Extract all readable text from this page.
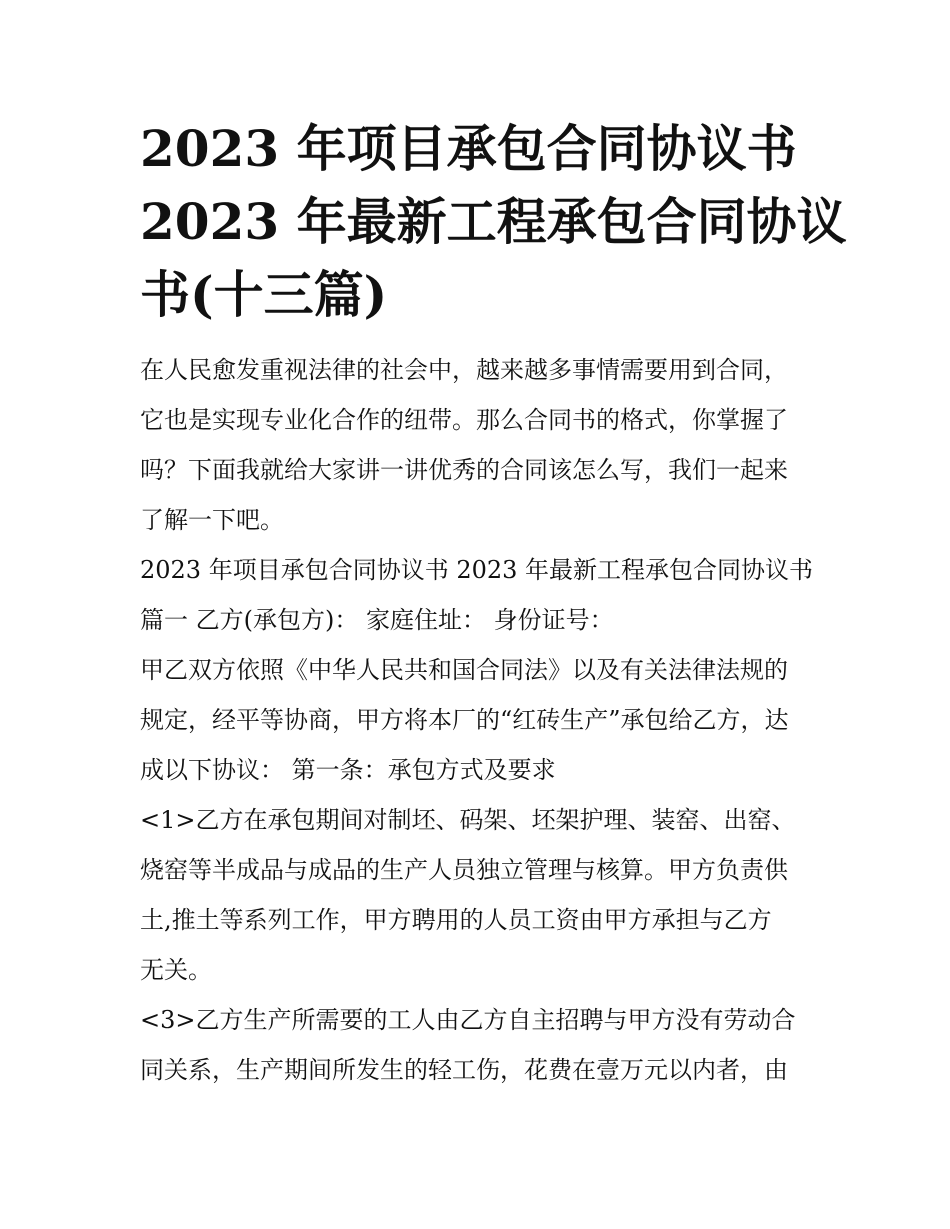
2023 年项目承包合同协议书
2023 年最新工程承包合同协议
书(十三篇)

在人民愈发重视法律的社会中，越来越多事情需要用到合同，
它也是实现专业化合作的纽带。那么合同书的格式，你掌握了
吗？下面我就给大家讲一讲优秀的合同该怎么写，我们一起来
了解一下吧。

2023 年项目承包合同协议书 2023 年最新工程承包合同协议书
篇一 乙方(承包方)： 家庭住址： 身份证号：

甲乙双方依照《中华人民共和国合同法》以及有关法律法规的
规定，经平等协商，甲方将本厂的“红砖生产”承包给乙方，达
成以下协议： 第一条：承包方式及要求

<1>乙方在承包期间对制坯、码架、坯架护理、装窑、出窑、
烧窑等半成品与成品的生产人员独立管理与核算。甲方负责供
土,推土等系列工作，甲方聘用的人员工资由甲方承担与乙方
无关。

<3>乙方生产所需要的工人由乙方自主招聘与甲方没有劳动合
同关系，生产期间所发生的轻工伤，花费在壹万元以内者，由
